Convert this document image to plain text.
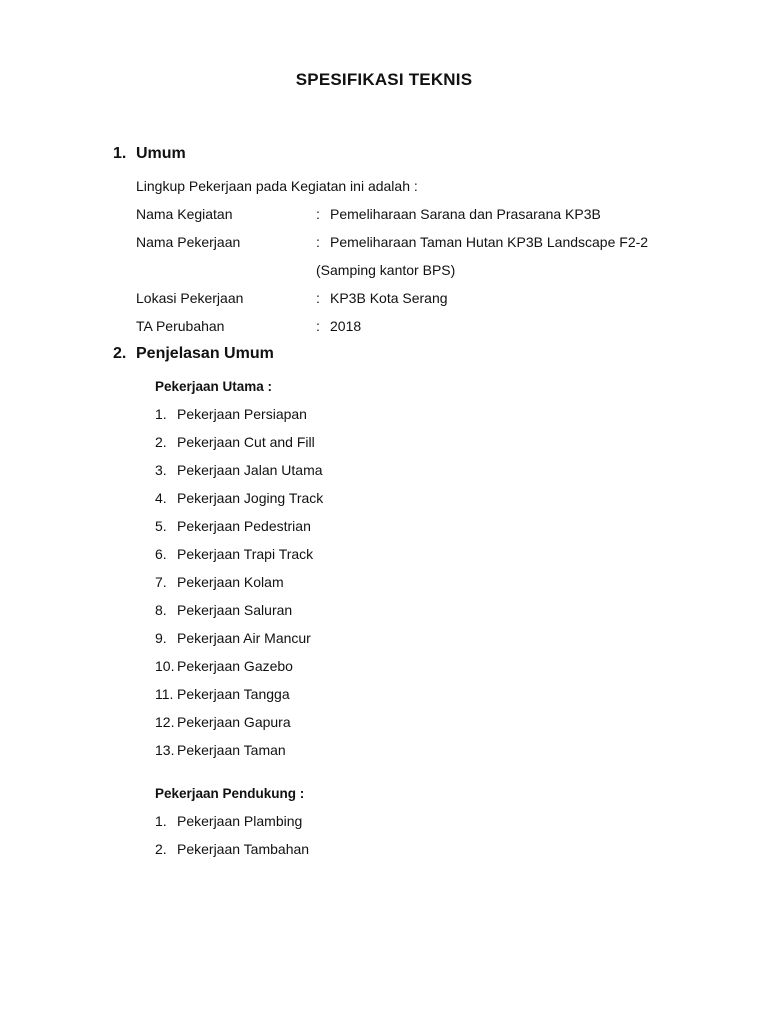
SPESIFIKASI TEKNIS
1. Umum
Lingkup Pekerjaan pada Kegiatan ini adalah :
Nama Kegiatan	: Pemeliharaan Sarana dan Prasarana KP3B
Nama Pekerjaan	: Pemeliharaan Taman Hutan KP3B Landscape F2-2
(Samping kantor BPS)
Lokasi Pekerjaan	: KP3B Kota Serang
TA Perubahan	: 2018
2. Penjelasan Umum
Pekerjaan Utama :
1. Pekerjaan Persiapan
2. Pekerjaan Cut and Fill
3. Pekerjaan Jalan Utama
4. Pekerjaan Joging Track
5. Pekerjaan Pedestrian
6. Pekerjaan Trapi Track
7. Pekerjaan Kolam
8. Pekerjaan Saluran
9. Pekerjaan Air Mancur
10. Pekerjaan Gazebo
11. Pekerjaan Tangga
12. Pekerjaan Gapura
13. Pekerjaan Taman
Pekerjaan Pendukung :
1. Pekerjaan Plambing
2. Pekerjaan Tambahan
